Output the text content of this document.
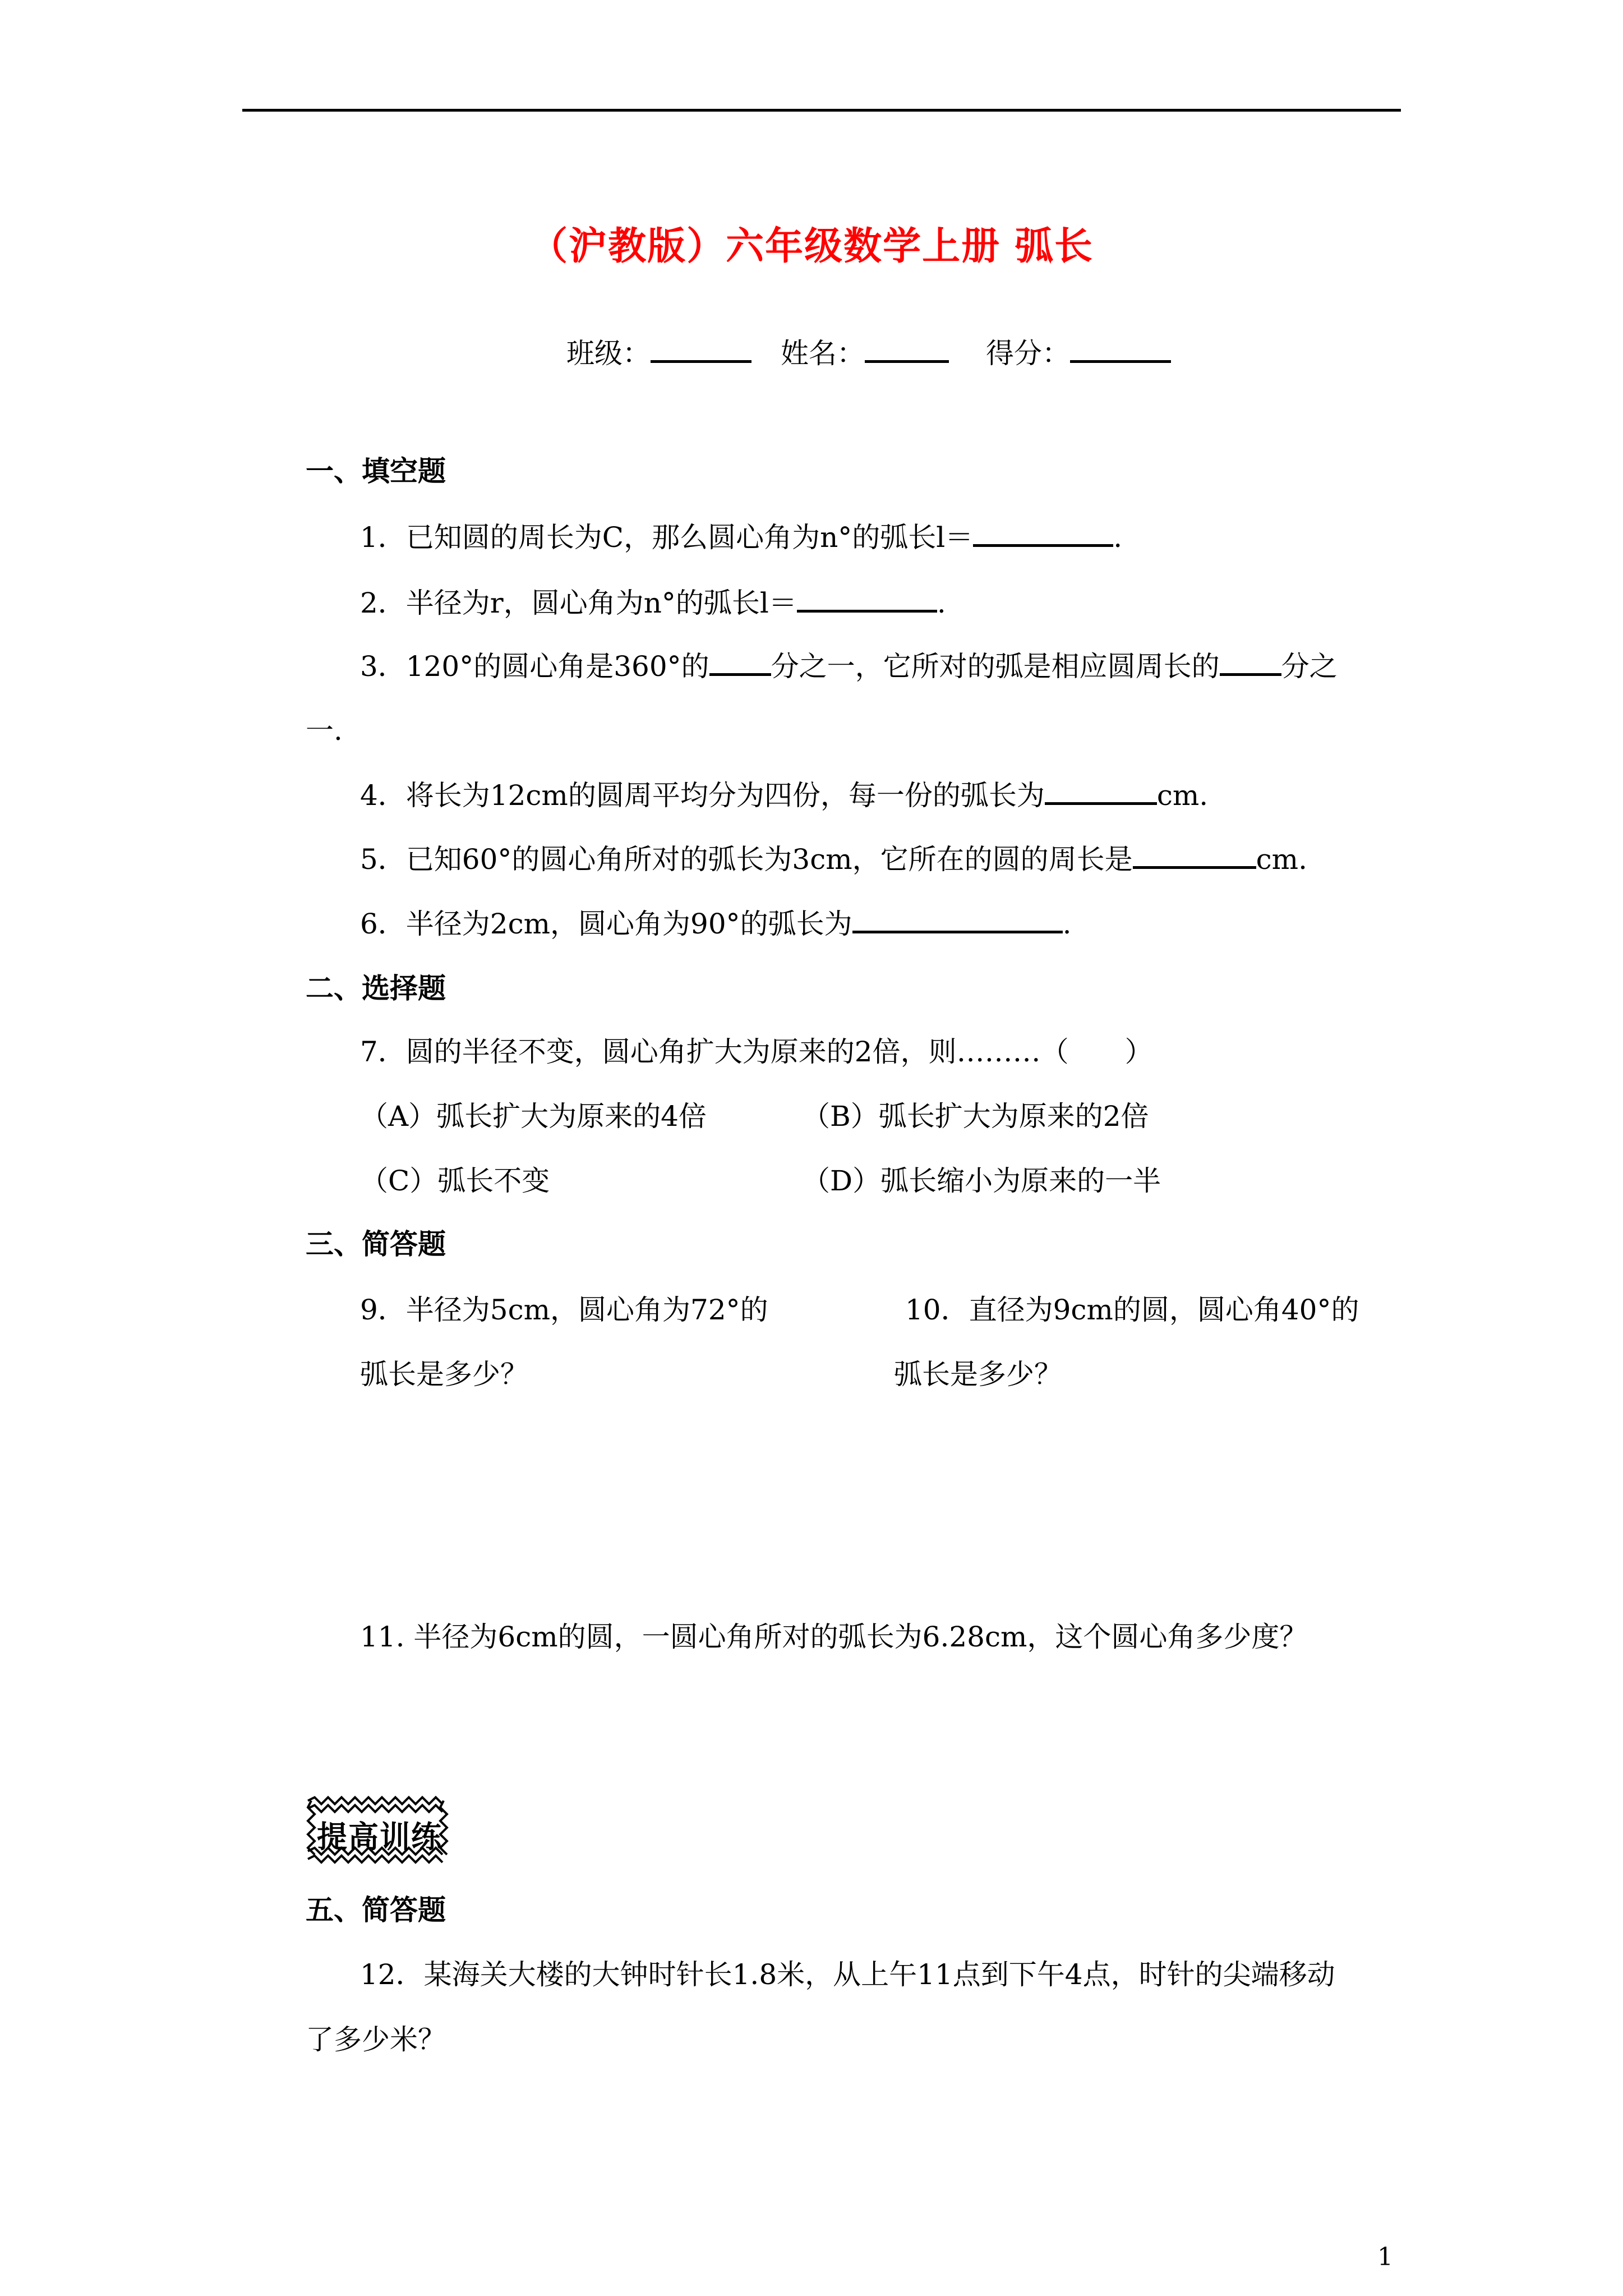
（沪教版）六年级数学上册 弧长
班级：	姓名：	得分：
一、填空题
1．已知圆的周长为C，那么圆心角为n°的弧长l＝	.
2．半径为r，圆心角为n°的弧长l＝	.
3．120°的圆心角是360°的 分之一，它所对的弧是相应圆周长的 分之
一.
4．将长为12cm的圆周平均分为四份，每一份的弧长为	cm.
5．已知60°的圆心角所对的弧长为3cm，它所在的圆的周长是	cm.
6．半径为2cm，圆心角为90°的弧长为	.
二、选择题
7．圆的半径不变，圆心角扩大为原来的2倍，则………（　　）
（A）弧长扩大为原来的4倍	（B）弧长扩大为原来的2倍
（C）弧长不变	（D）弧长缩小为原来的一半
三、简答题
9．半径为5cm，圆心角为72°的
弧长是多少？
10．直径为9cm的圆，圆心角40°的
弧长是多少？
11. 半径为6cm的圆，一圆心角所对的弧长为6.28cm，这个圆心角多少度？
提高训练
五、简答题
12．某海关大楼的大钟时针长1.8米，从上午11点到下午4点，时针的尖端移动
了多少米？
1
